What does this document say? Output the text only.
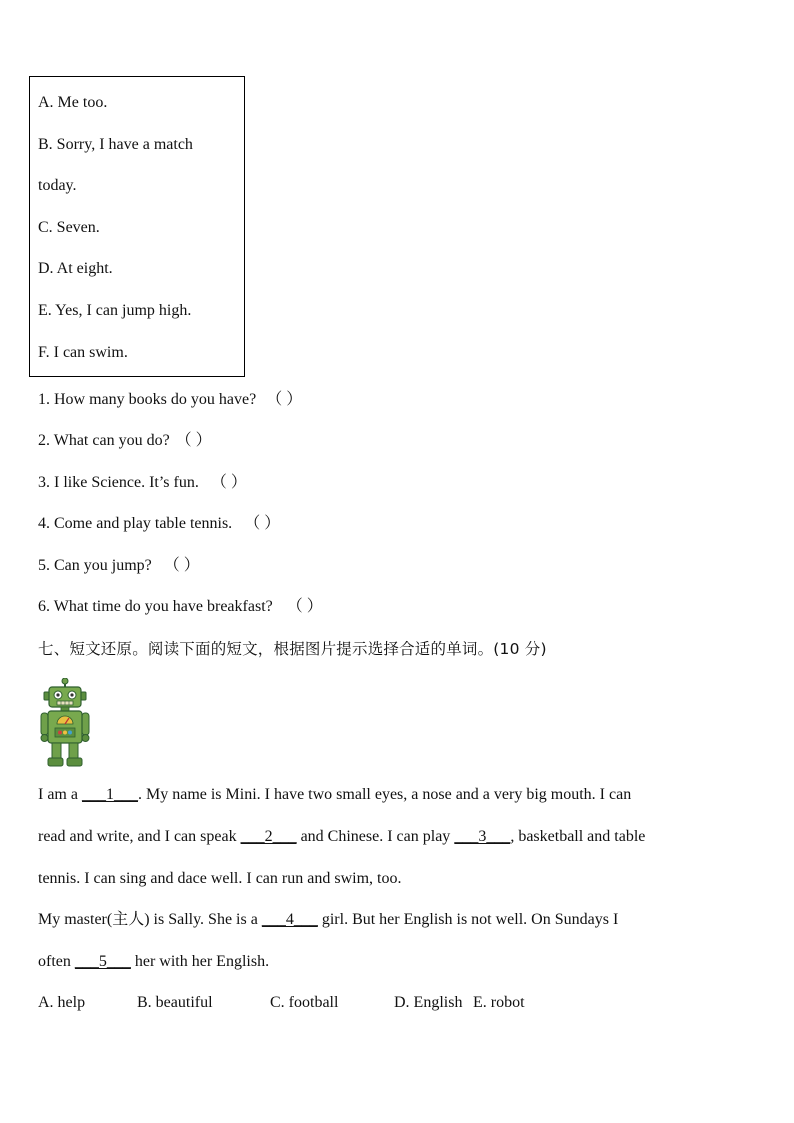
A. Me too.
B. Sorry, I have a match
today.
C. Seven.
D. At eight.
E. Yes, I can jump high.
F. I can swim.
1. How many books do you have? （ ）
2. What can you do? （ ）
3. I like Science. It’s fun. （ ）
4. Come and play table tennis. （ ）
5. Can you jump? （ ）
6. What time do you have breakfast? （ ）
七、短文还原。阅读下面的短文，根据图片提示选择合适的单词。(10 分)
I am a ___1___. My name is Mini. I have two small eyes, a nose and a very big mouth. I can
read and write, and I can speak ___2___ and Chinese. I can play ___3___, basketball and table
tennis. I can sing and dace well. I can run and swim, too.
My master(主人) is Sally. She is a ___4___ girl. But her English is not well. On Sundays I
often ___5___ her with her English.
A. help	B. beautiful	C. football	D. English E. robot
